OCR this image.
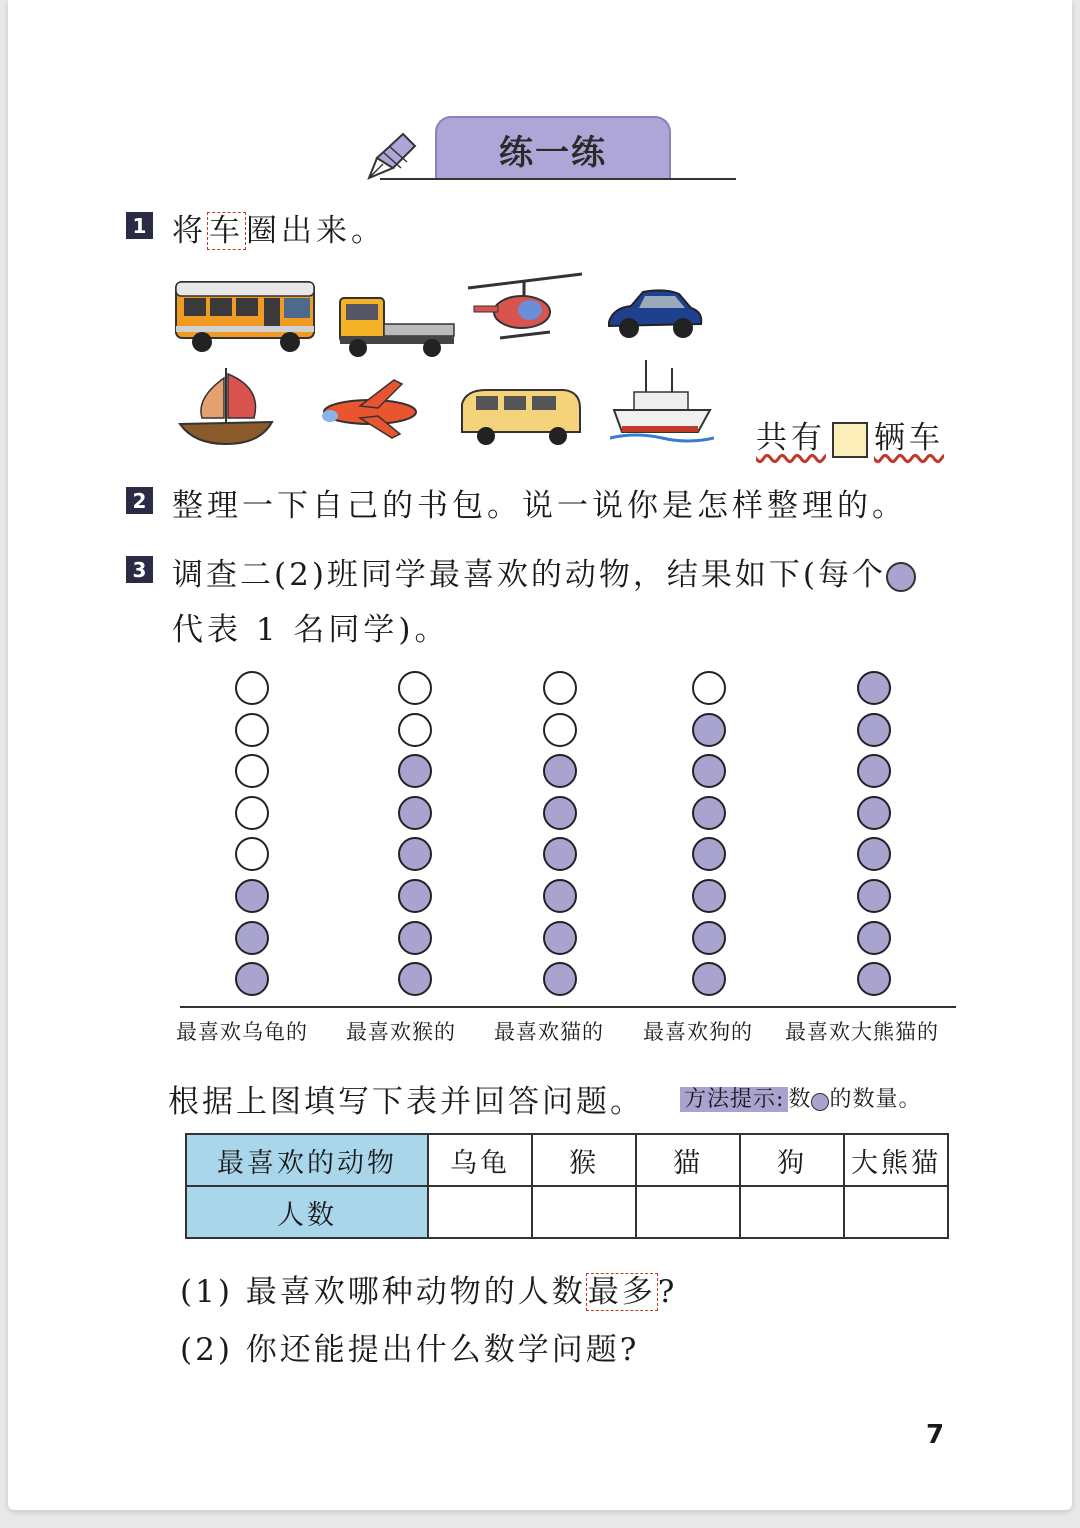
练一练
1 将车圈出来。
共有 辆车
2 整理一下自己的书包。说一说你是怎样整理的。
3 调查二(2)班同学最喜欢的动物，结果如下(每个
代表 1 名同学)。
最喜欢乌龟的 最喜欢猴的 最喜欢猫的 最喜欢狗的 最喜欢大熊猫的
根据上图填写下表并回答问题。 方法提示: 数 的数量。
最喜欢的动物	乌龟	猴	猫	狗	大熊猫
人数					
(1) 最喜欢哪种动物的人数最多?
(2) 你还能提出什么数学问题?
7
